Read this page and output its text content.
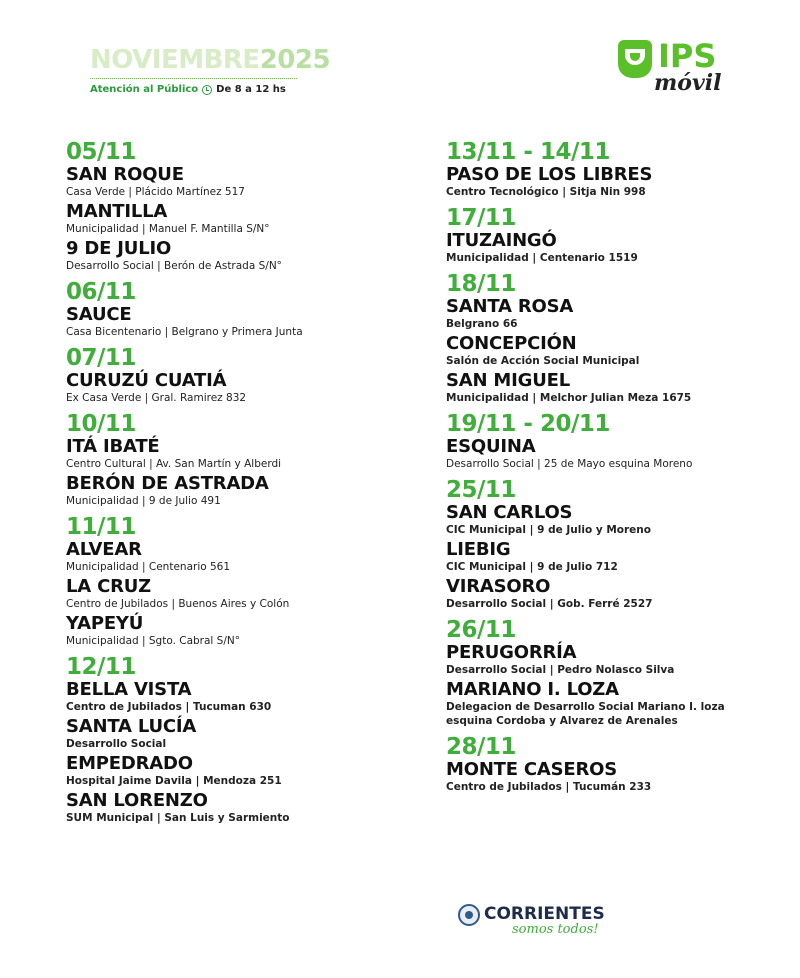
NOVIEMBRE2025
Atención al Público De 8 a 12 hs
IPS
móvil
05/11
SAN ROQUE
Casa Verde | Plácido Martínez 517
MANTILLA
Municipalidad | Manuel F. Mantilla S/N°
9 DE JULIO
Desarrollo Social | Berón de Astrada S/N°
06/11
SAUCE
Casa Bicentenario | Belgrano y Primera Junta
07/11
CURUZÚ CUATIÁ
Ex Casa Verde | Gral. Ramirez 832
10/11
ITÁ IBATÉ
Centro Cultural | Av. San Martín y Alberdi
BERÓN DE ASTRADA
Municipalidad | 9 de Julio 491
11/11
ALVEAR
Municipalidad | Centenario 561
LA CRUZ
Centro de Jubilados | Buenos Aires y Colón
YAPEYÚ
Municipalidad | Sgto. Cabral S/N°
12/11
BELLA VISTA
Centro de Jubilados | Tucuman 630
SANTA LUCÍA
Desarrollo Social
EMPEDRADO
Hospital Jaime Davila | Mendoza 251
SAN LORENZO
SUM Municipal | San Luis y Sarmiento
13/11 - 14/11
PASO DE LOS LIBRES
Centro Tecnológico | Sitja Nin 998
17/11
ITUZAINGÓ
Municipalidad | Centenario 1519
18/11
SANTA ROSA
Belgrano 66
CONCEPCIÓN
Salón de Acción Social Municipal
SAN MIGUEL
Municipalidad | Melchor Julian Meza 1675
19/11 - 20/11
ESQUINA
Desarrollo Social | 25 de Mayo esquina Moreno
25/11
SAN CARLOS
CIC Municipal | 9 de Julio y Moreno
LIEBIG
CIC Municipal | 9 de Julio 712
VIRASORO
Desarrollo Social | Gob. Ferré 2527
26/11
PERUGORRÍA
Desarrollo Social | Pedro Nolasco Silva
MARIANO I. LOZA
Delegacion de Desarrollo Social Mariano I. loza
esquina Cordoba y Alvarez de Arenales
28/11
MONTE CASEROS
Centro de Jubilados | Tucumán 233
CORRIENTES
somos todos!
